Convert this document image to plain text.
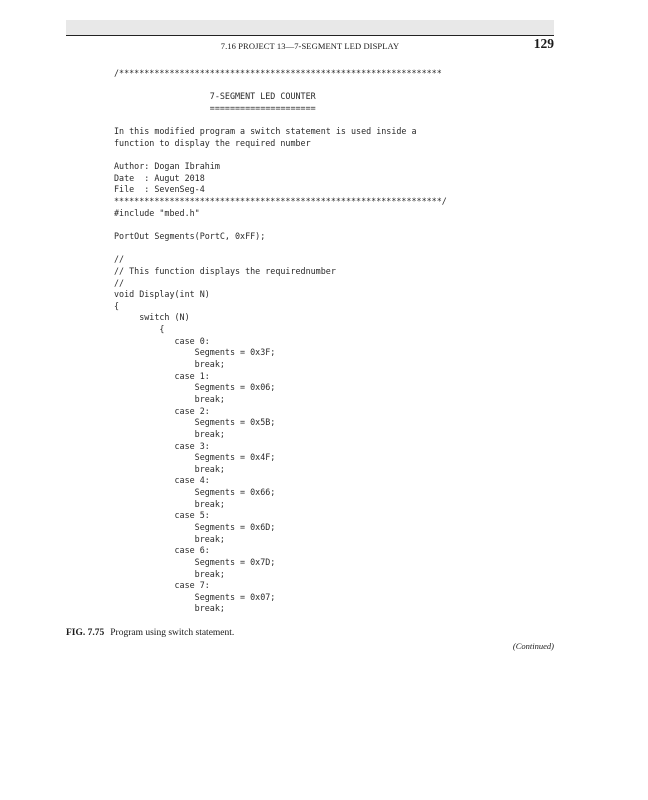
7.16 PROJECT 13—7-SEGMENT LED DISPLAY	129
/****************************************************************
7-SEGMENT LED COUNTER
=====================
In this modified program a switch statement is used inside a
function to display the required number
Author: Dogan Ibrahim
Date  : Augut 2018
File  : SevenSeg-4
*****************************************************************/
#include "mbed.h"
PortOut Segments(PortC, 0xFF);
//
// This function displays the requirednumber
//
void Display(int N)
{
switch (N)
{
case 0:
Segments = 0x3F;
break;
case 1:
Segments = 0x06;
break;
case 2:
Segments = 0x5B;
break;
case 3:
Segments = 0x4F;
break;
case 4:
Segments = 0x66;
break;
case 5:
Segments = 0x6D;
break;
case 6:
Segments = 0x7D;
break;
case 7:
Segments = 0x07;
break;
FIG. 7.75 Program using switch statement.
(Continued)
